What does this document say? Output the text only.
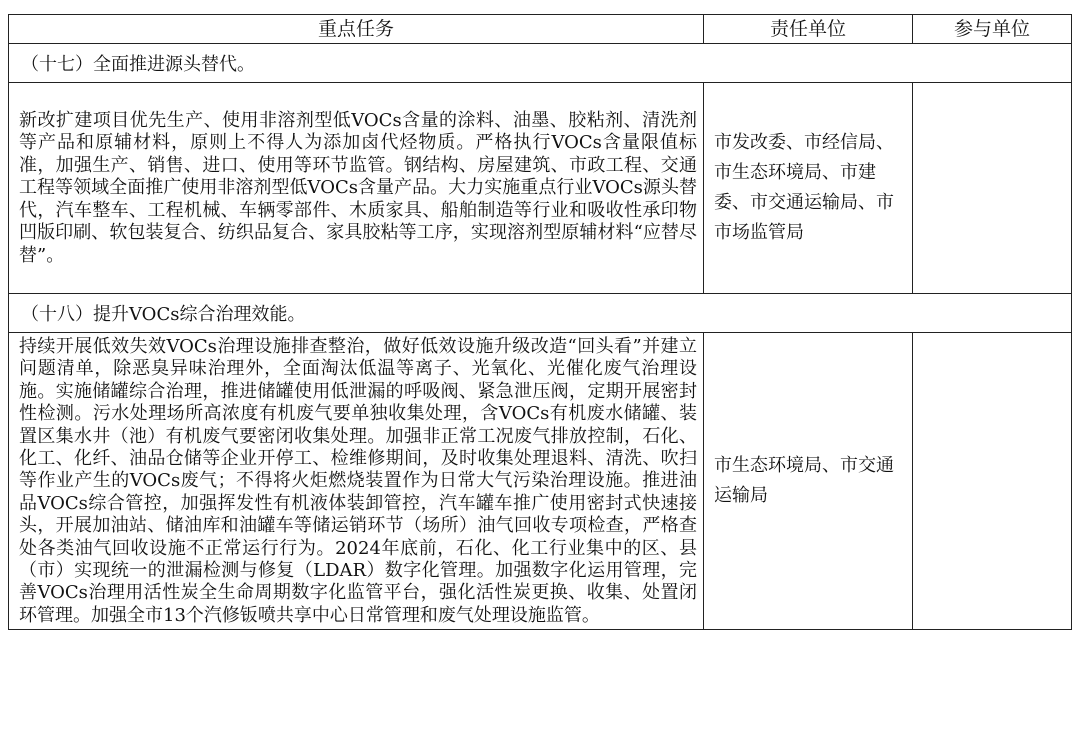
重点任务	责任单位	参与单位
（十七）全面推进源头替代。		
新改扩建项目优先生产、使用非溶剂型低VOCs含量的涂料、油墨、胶粘剂、清洗剂等产品和原辅材料，原则上不得人为添加卤代烃物质。严格执行VOCs含量限值标准，加强生产、销售、进口、使用等环节监管。钢结构、房屋建筑、市政工程、交通工程等领域全面推广使用非溶剂型低VOCs含量产品。大力实施重点行业VOCs源头替代，汽车整车、工程机械、车辆零部件、木质家具、船舶制造等行业和吸收性承印物凹版印刷、软包装复合、纺织品复合、家具胶粘等工序，实现溶剂型原辅材料“应替尽替”。	市发改委、市经信局、市生态环境局、市建委、市交通运输局、市市场监管局	
（十八）提升VOCs综合治理效能。		
持续开展低效失效VOCs治理设施排查整治，做好低效设施升级改造“回头看”并建立问题清单，除恶臭异味治理外，全面淘汰低温等离子、光氧化、光催化废气治理设施。实施储罐综合治理，推进储罐使用低泄漏的呼吸阀、紧急泄压阀，定期开展密封性检测。污水处理场所高浓度有机废气要单独收集处理，含VOCs有机废水储罐、装置区集水井（池）有机废气要密闭收集处理。加强非正常工况废气排放控制，石化、化工、化纤、油品仓储等企业开停工、检维修期间，及时收集处理退料、清洗、吹扫等作业产生的VOCs废气；不得将火炬燃烧装置作为日常大气污染治理设施。推进油品VOCs综合管控，加强挥发性有机液体装卸管控，汽车罐车推广使用密封式快速接头，开展加油站、储油库和油罐车等储运销环节（场所）油气回收专项检查，严格查处各类油气回收设施不正常运行行为。2024年底前，石化、化工行业集中的区、县（市）实现统一的泄漏检测与修复（LDAR）数字化管理。加强数字化运用管理，完善VOCs治理用活性炭全生命周期数字化监管平台，强化活性炭更换、收集、处置闭环管理。加强全市13个汽修钣喷共享中心日常管理和废气处理设施监管。	市生态环境局、市交通运输局	
